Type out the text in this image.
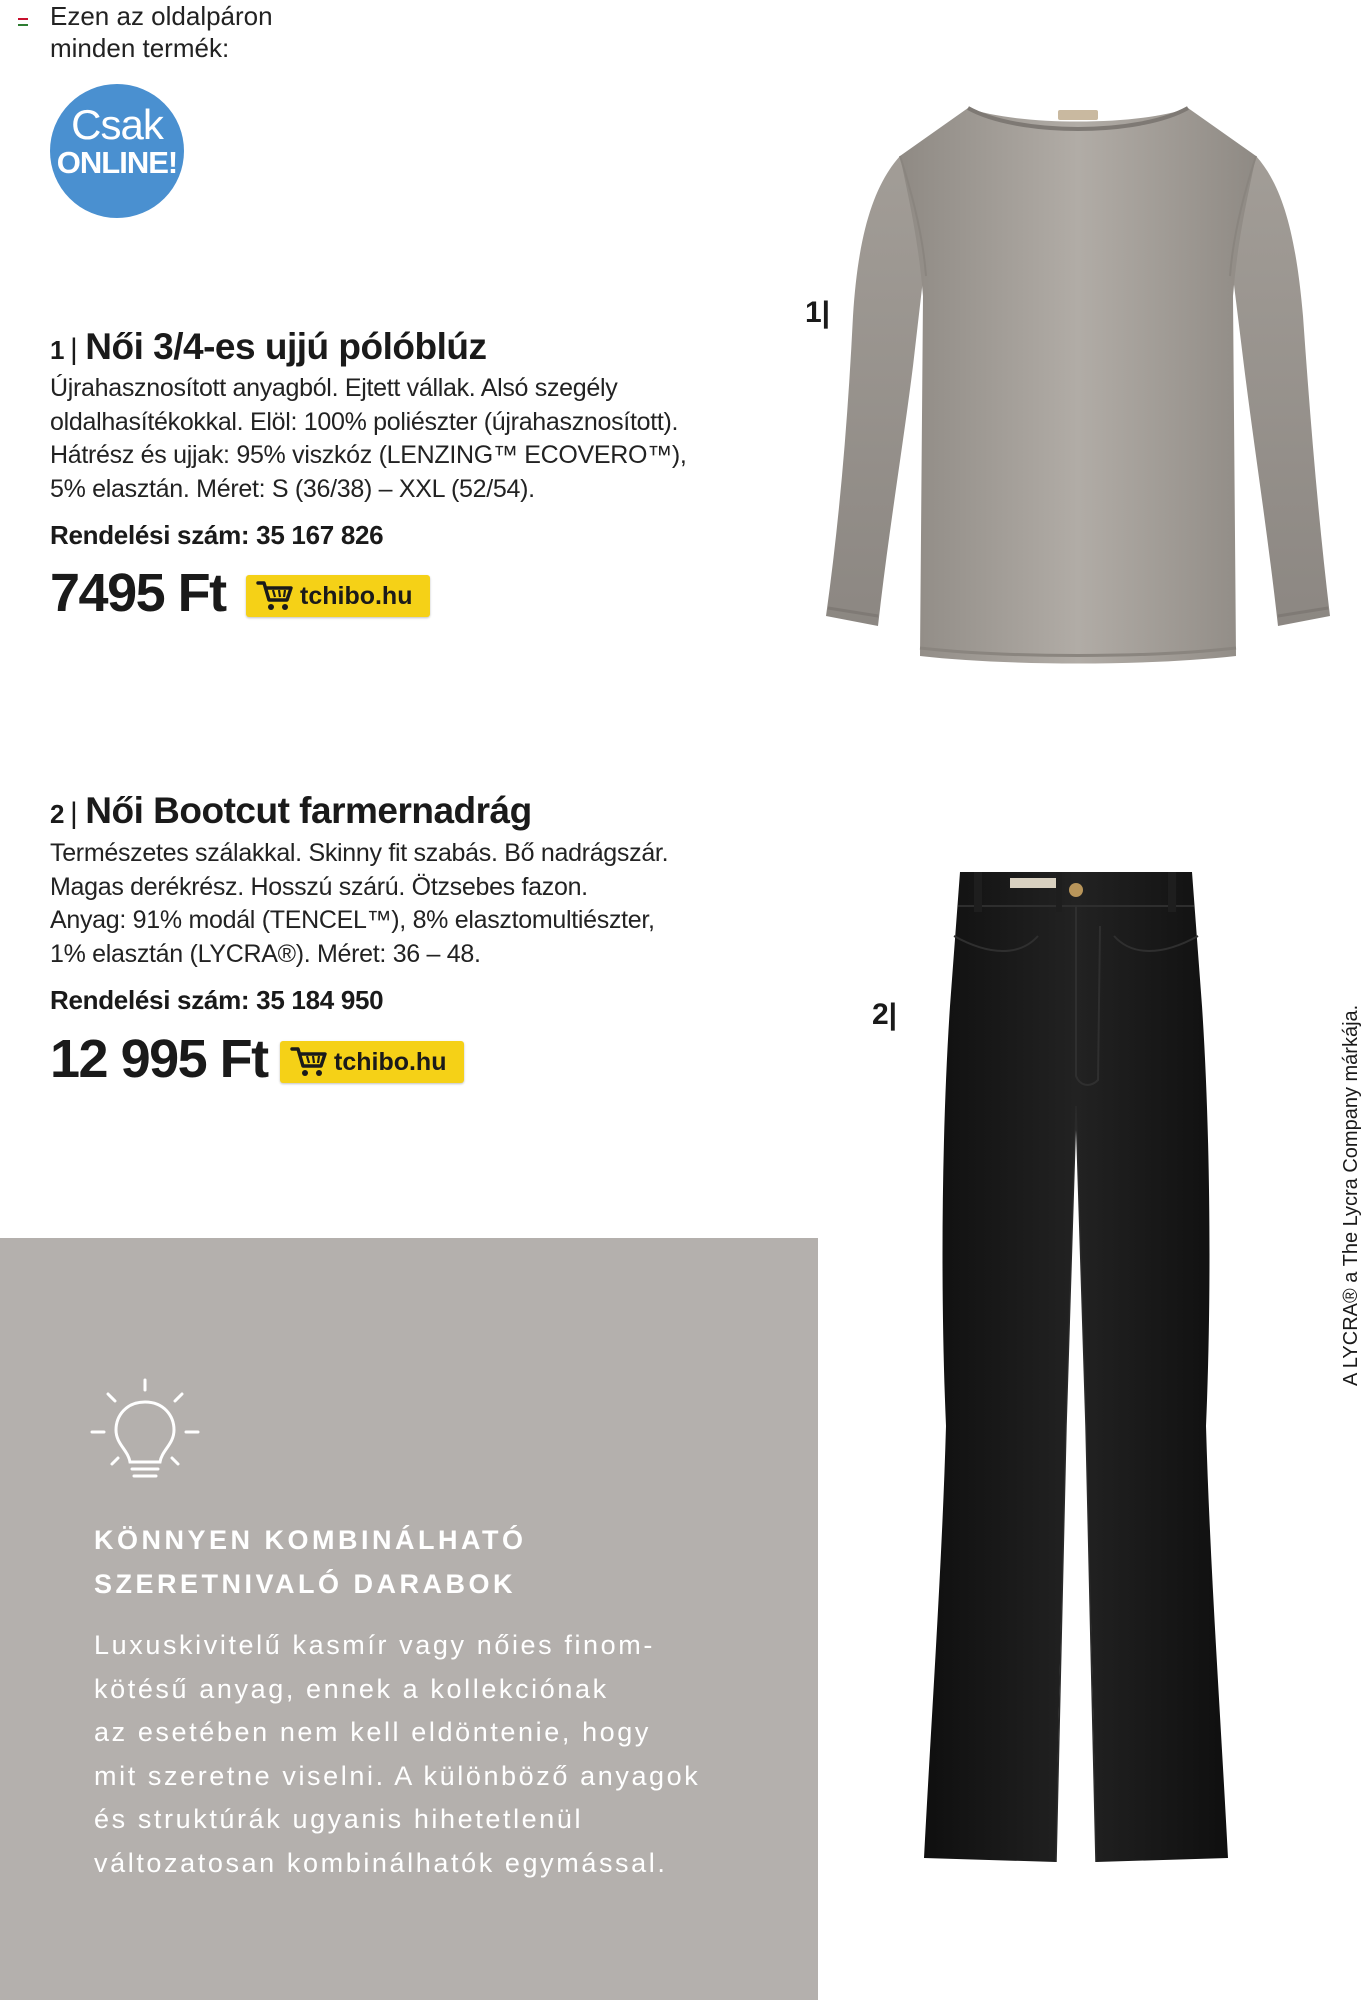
Ezen az oldalpáron
minden termék:
Csak
ONLINE!
1 | Női 3/4-es ujjú pólóblúz
Újrahasznosított anyagból. Ejtett vállak. Alsó szegély
oldalhasítékokkal. Elöl: 100% poliészter (újrahasznosított).
Hátrész és ujjak: 95% viszkóz (LENZING™ ECOVERO™),
5% elasztán. Méret: S (36/38) – XXL (52/54).
Rendelési szám: 35 167 826
7495 Ft	tchibo.hu
1|
2 | Női Bootcut farmernadrág
Természetes szálakkal. Skinny fit szabás. Bő nadrágszár.
Magas derékrész. Hosszú szárú. Ötzsebes fazon.
Anyag: 91% modál (TENCEL™), 8% elasztomultiészter,
1% elasztán (LYCRA®). Méret: 36 – 48.
Rendelési szám: 35 184 950
12 995 Ft	tchibo.hu
2|	A LYCRA® a The Lycra Company márkája.
KÖNNYEN KOMBINÁLHATÓ
SZERETNIVALÓ DARABOK
Luxuskivitelű kasmír vagy nőies finom-
kötésű anyag, ennek a kollekciónak
az esetében nem kell eldöntenie, hogy
mit szeretne viselni. A különböző anyagok
és struktúrák ugyanis hihetetlenül
változatosan kombinálhatók egymással.
